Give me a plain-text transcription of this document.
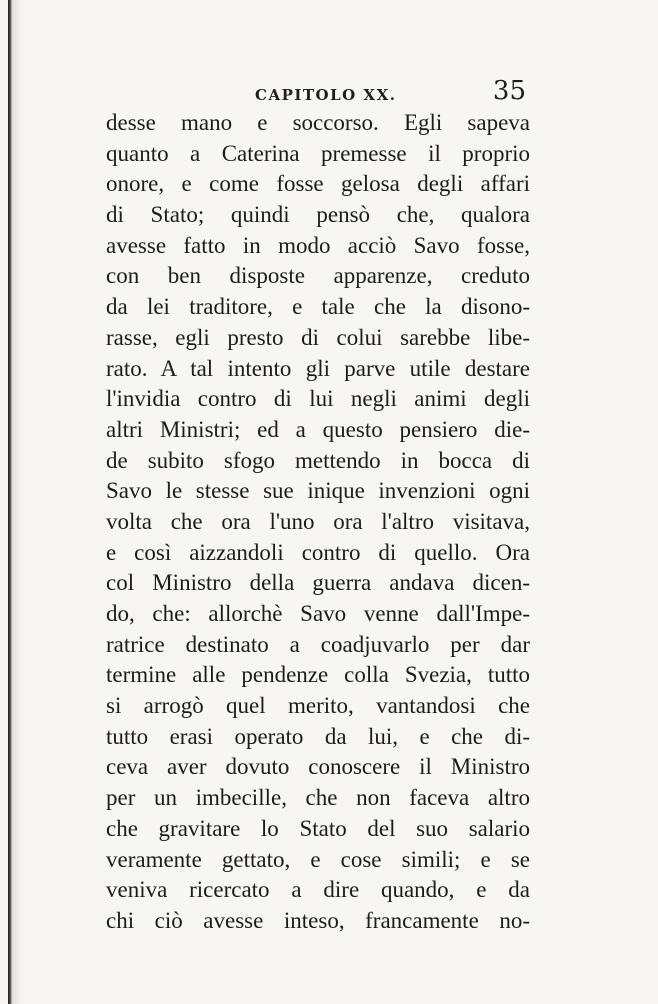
CAPITOLO XX.	35
desse mano e soccorso. Egli sapeva
quanto a Caterina premesse il proprio
onore, e come fosse gelosa degli affari
di Stato; quindi pensò che, qualora
avesse fatto in modo acciò Savo fosse,
con ben disposte apparenze, creduto
da lei traditore, e tale che la disono-
rasse, egli presto di colui sarebbe libe-
rato. A tal intento gli parve utile destare
l'invidia contro di lui negli animi degli
altri Ministri; ed a questo pensiero die-
de subito sfogo mettendo in bocca di
Savo le stesse sue inique invenzioni ogni
volta che ora l'uno ora l'altro visitava,
e così aizzandoli contro di quello. Ora
col Ministro della guerra andava dicen-
do, che: allorchè Savo venne dall'Impe-
ratrice destinato a coadjuvarlo per dar
termine alle pendenze colla Svezia, tutto
si arrogò quel merito, vantandosi che
tutto erasi operato da lui, e che di-
ceva aver dovuto conoscere il Ministro
per un imbecille, che non faceva altro
che gravitare lo Stato del suo salario
veramente gettato, e cose simili; e se
veniva ricercato a dire quando, e da
chi ciò avesse inteso, francamente no-
